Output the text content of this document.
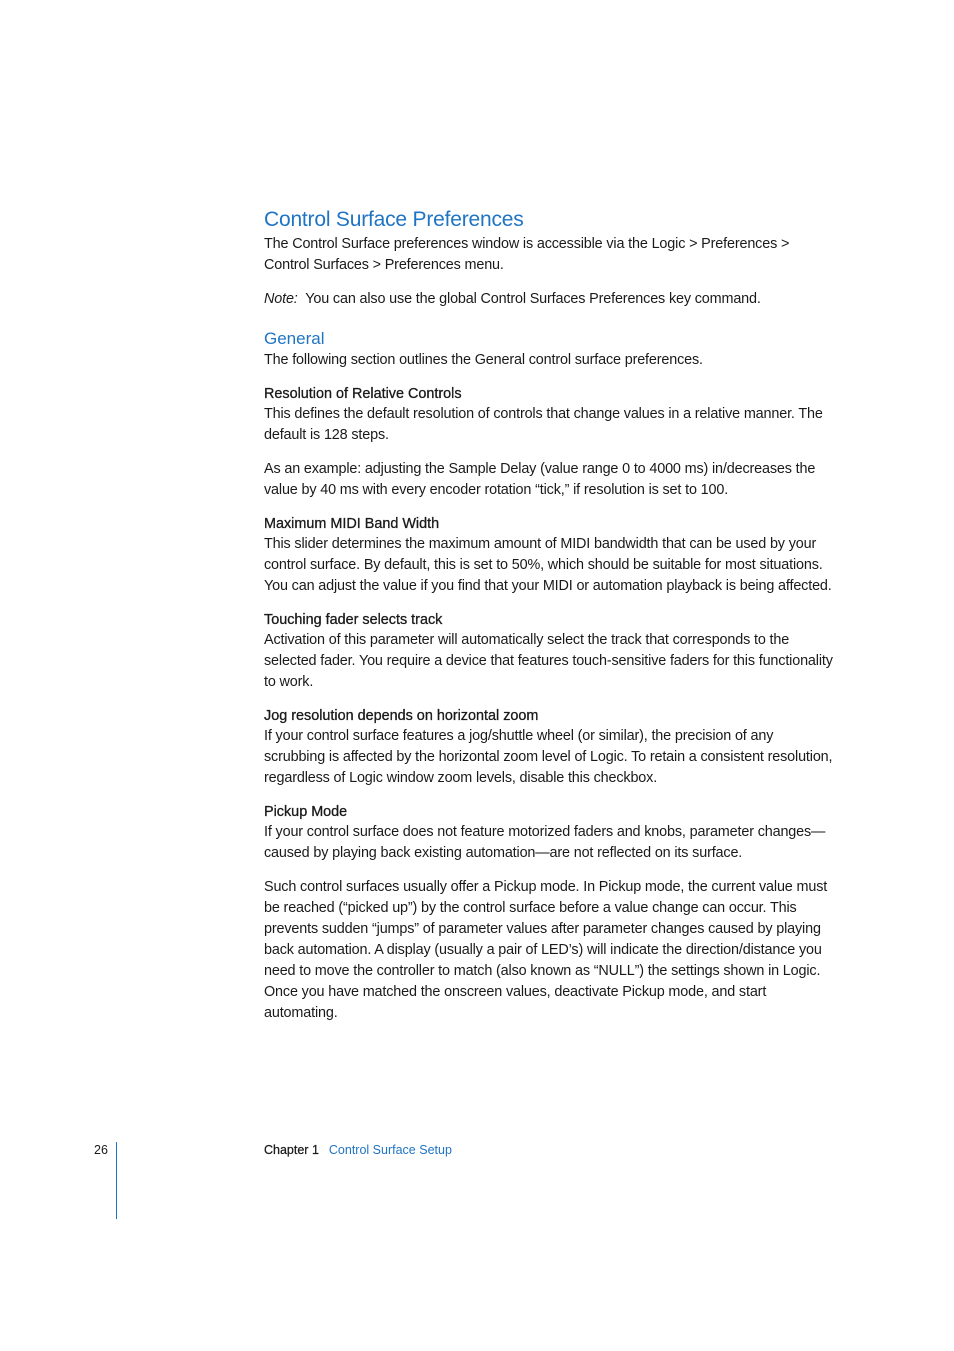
Control Surface Preferences

The Control Surface preferences window is accessible via the Logic > Preferences > Control Surfaces > Preferences menu.

Note: You can also use the global Control Surfaces Preferences key command.

General

The following section outlines the General control surface preferences.

Resolution of Relative Controls

This defines the default resolution of controls that change values in a relative manner. The default is 128 steps.

As an example: adjusting the Sample Delay (value range 0 to 4000 ms) in/decreases the value by 40 ms with every encoder rotation “tick,” if resolution is set to 100.

Maximum MIDI Band Width

This slider determines the maximum amount of MIDI bandwidth that can be used by your control surface. By default, this is set to 50%, which should be suitable for most situations. You can adjust the value if you find that your MIDI or automation playback is being affected.

Touching fader selects track

Activation of this parameter will automatically select the track that corresponds to the selected fader. You require a device that features touch-sensitive faders for this functionality to work.

Jog resolution depends on horizontal zoom

If your control surface features a jog/shuttle wheel (or similar), the precision of any scrubbing is affected by the horizontal zoom level of Logic. To retain a consistent resolution, regardless of Logic window zoom levels, disable this checkbox.

Pickup Mode

If your control surface does not feature motorized faders and knobs, parameter changes—caused by playing back existing automation—are not reflected on its surface.

Such control surfaces usually offer a Pickup mode. In Pickup mode, the current value must be reached (“picked up”) by the control surface before a value change can occur. This prevents sudden “jumps” of parameter values after parameter changes caused by playing back automation. A display (usually a pair of LED’s) will indicate the direction/distance you need to move the controller to match (also known as “NULL”) the settings shown in Logic. Once you have matched the onscreen values, deactivate Pickup mode, and start automating.

26	Chapter 1 Control Surface Setup
